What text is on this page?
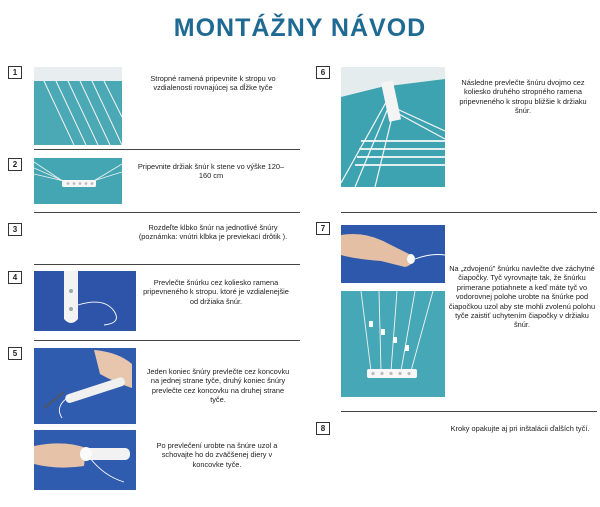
MONTÁŽNY NÁVOD
1
Stropné ramená pripevnite k stropu vo vzdialenosti rovnajúcej sa dĺžke tyče
2	Pripevnite držiak šnúr k stene vo výške 120–160 cm
3	Rozdeľte klbko šnúr na jednotlivé šnúry (poznámka: vnútri klbka je previekací drôtik ).
4
Prevlečte šnúrku cez koliesko ramena pripevneného k stropu. ktoré je vzdialenejšie od držiaka šnúr.
5
Jeden koniec šnúry prevlečte cez koncovku na jednej strane tyče, druhý koniec šnúry prevlečte cez koncovku na druhej strane tyče.
Po prevlečení urobte na šnúre uzol a schovajte ho do zväčšenej diery v koncovke tyče.
6
Následne prevlečte šnúru dvojmo cez koliesko druhého stropného ramena pripevneného k stropu bližšie k držiaku šnúr.
7
Na „zdvojenú" šnúrku navlečte dve záchytné čiapočky. Tyč vyrovnajte tak, že šnúrku primerane potiahnete a keď máte tyč vo vodorovnej polohe urobte na šnúrke pod čiapočkou uzol aby ste mohli zvolenú polohu tyče zaistiť uchytením čiapočky v držiaku šnúr.
8	Kroky opakujte aj pri inštalácii ďalších tyčí.
